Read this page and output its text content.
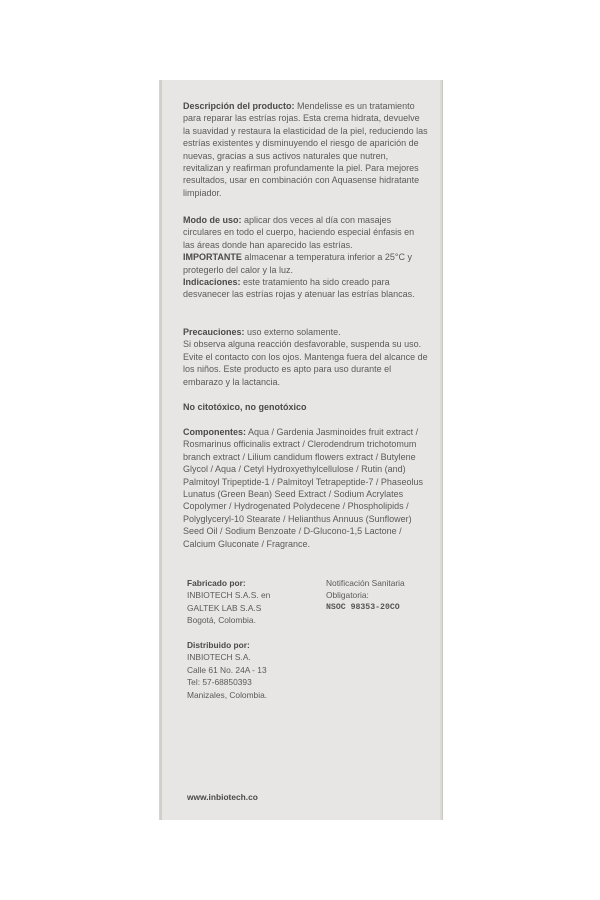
Descripción del producto: Mendelisse es un tratamiento para reparar las estrías rojas. Esta crema hidrata, devuelve la suavidad y restaura la elasticidad de la piel, reduciendo las estrías existentes y disminuyendo el riesgo de aparición de nuevas, gracias a sus activos naturales que nutren, revitalizan y reafirman profundamente la piel. Para mejores resultados, usar en combinación con Aquasense hidratante limpiador.

Modo de uso: aplicar dos veces al día con masajes circulares en todo el cuerpo, haciendo especial énfasis en las áreas donde han aparecido las estrías.

IMPORTANTE almacenar a temperatura inferior a 25°C y protegerlo del calor y la luz.

Indicaciones: este tratamiento ha sido creado para desvanecer las estrías rojas y atenuar las estrías blancas.

Precauciones: uso externo solamente.

Si observa alguna reacción desfavorable, suspenda su uso. Evite el contacto con los ojos. Mantenga fuera del alcance de los niños. Este producto es apto para uso durante el embarazo y la lactancia.

No citotóxico, no genotóxico

Componentes: Aqua / Gardenia Jasminoides fruit extract / Rosmarinus officinalis extract / Clerodendrum trichotomum branch extract / Lilium candidum flowers extract / Butylene Glycol / Aqua / Cetyl Hydroxyethylcellulose / Rutin (and) Palmitoyl Tripeptide-1 / Palmitoyl Tetrapeptide-7 / Phaseolus Lunatus (Green Bean) Seed Extract / Sodium Acrylates Copolymer / Hydrogenated Polydecene / Phospholipids / Polyglyceryl-10 Stearate / Helianthus Annuus (Sunflower) Seed Oil / Sodium Benzoate / D-Glucono-1,5 Lactone / Calcium Gluconate / Fragrance.

Fabricado por:
INBIOTECH S.A.S. en
GALTEK LAB S.A.S
Bogotá, Colombia.
Distribuido por:
INBIOTECH S.A.
Calle 61 No. 24A - 13
Tel: 57-68850393
Manizales, Colombia.
Notificación Sanitaria
Obligatoria:
NSOC 98353-20CO
www.inbiotech.co
